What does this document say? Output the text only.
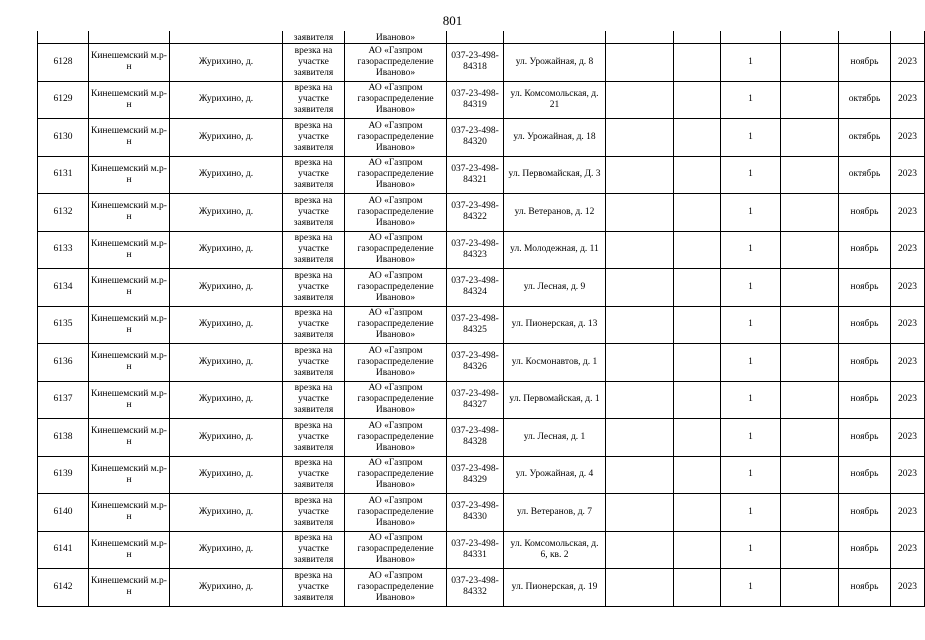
801
			заявителя	Иваново»								
6128	Кинешемский м.р-н	Журихино, д.	врезка на участке заявителя	АО «Газпром газораспределение Иваново»	037-23-498-84318	ул. Урожайная, д. 8			1		ноябрь	2023
6129	Кинешемский м.р-н	Журихино, д.	врезка на участке заявителя	АО «Газпром газораспределение Иваново»	037-23-498-84319	ул. Комсомольская, д. 21			1		октябрь	2023
6130	Кинешемский м.р-н	Журихино, д.	врезка на участке заявителя	АО «Газпром газораспределение Иваново»	037-23-498-84320	ул. Урожайная, д. 18			1		октябрь	2023
6131	Кинешемский м.р-н	Журихино, д.	врезка на участке заявителя	АО «Газпром газораспределение Иваново»	037-23-498-84321	ул. Первомайская, Д. 3			1		октябрь	2023
6132	Кинешемский м.р-н	Журихино, д.	врезка на участке заявителя	АО «Газпром газораспределение Иваново»	037-23-498-84322	ул. Ветеранов, д. 12			1		ноябрь	2023
6133	Кинешемский м.р-н	Журихино, д.	врезка на участке заявителя	АО «Газпром газораспределение Иваново»	037-23-498-84323	ул. Молодежная, д. 11			1		ноябрь	2023
6134	Кинешемский м.р-н	Журихино, д.	врезка на участке заявителя	АО «Газпром газораспределение Иваново»	037-23-498-84324	ул. Лесная, д. 9			1		ноябрь	2023
6135	Кинешемский м.р-н	Журихино, д.	врезка на участке заявителя	АО «Газпром газораспределение Иваново»	037-23-498-84325	ул. Пионерская, д. 13			1		ноябрь	2023
6136	Кинешемский м.р-н	Журихино, д.	врезка на участке заявителя	АО «Газпром газораспределение Иваново»	037-23-498-84326	ул. Космонавтов, д. 1			1		ноябрь	2023
6137	Кинешемский м.р-н	Журихино, д.	врезка на участке заявителя	АО «Газпром газораспределение Иваново»	037-23-498-84327	ул. Первомайская, д. 1			1		ноябрь	2023
6138	Кинешемский м.р-н	Журихино, д.	врезка на участке заявителя	АО «Газпром газораспределение Иваново»	037-23-498-84328	ул. Лесная, д. 1			1		ноябрь	2023
6139	Кинешемский м.р-н	Журихино, д.	врезка на участке заявителя	АО «Газпром газораспределение Иваново»	037-23-498-84329	ул. Урожайная, д. 4			1		ноябрь	2023
6140	Кинешемский м.р-н	Журихино, д.	врезка на участке заявителя	АО «Газпром газораспределение Иваново»	037-23-498-84330	ул. Ветеранов, д. 7			1		ноябрь	2023
6141	Кинешемский м.р-н	Журихино, д.	врезка на участке заявителя	АО «Газпром газораспределение Иваново»	037-23-498-84331	ул. Комсомольская, д. 6, кв. 2			1		ноябрь	2023
6142	Кинешемский м.р-н	Журихино, д.	врезка на участке заявителя	АО «Газпром газораспределение Иваново»	037-23-498-84332	ул. Пионерская, д. 19			1		ноябрь	2023
